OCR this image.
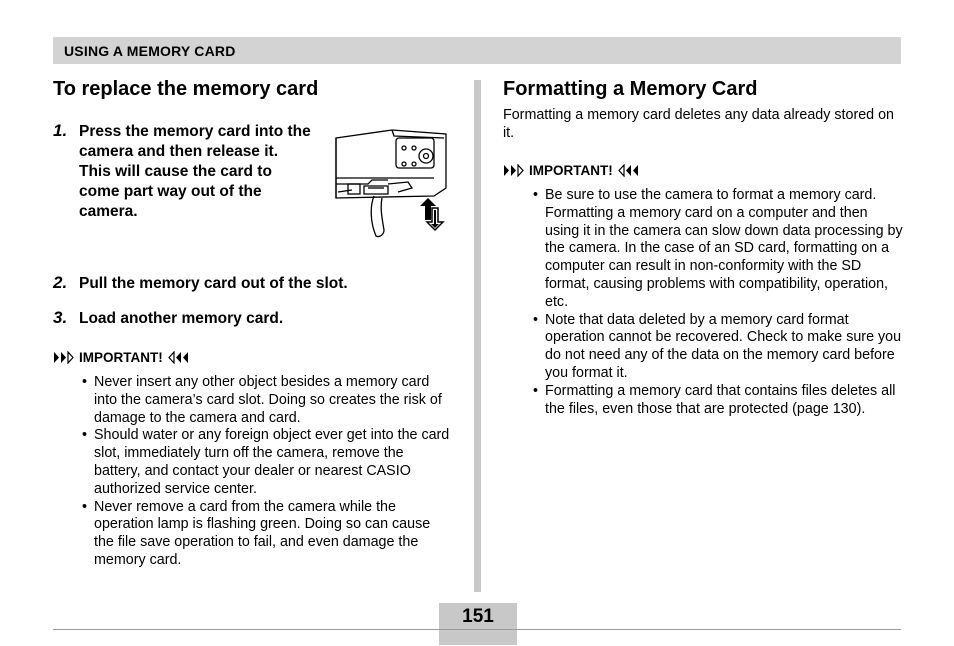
USING A MEMORY CARD
To replace the memory card
1. Press the memory card into the camera and then release it. This will cause the card to come part way out of the camera.
2. Pull the memory card out of the slot.
3. Load another memory card.
IMPORTANT!
• Never insert any other object besides a memory card into the camera’s card slot. Doing so creates the risk of damage to the camera and card.
• Should water or any foreign object ever get into the card slot, immediately turn off the camera, remove the battery, and contact your dealer or nearest CASIO authorized service center.
• Never remove a card from the camera while the operation lamp is flashing green. Doing so can cause the file save operation to fail, and even damage the memory card.
Formatting a Memory Card
Formatting a memory card deletes any data already stored on it.
IMPORTANT!
• Be sure to use the camera to format a memory card. Formatting a memory card on a computer and then using it in the camera can slow down data processing by the camera. In the case of an SD card, formatting on a computer can result in non-conformity with the SD format, causing problems with compatibility, operation, etc.
• Note that data deleted by a memory card format operation cannot be recovered. Check to make sure you do not need any of the data on the memory card before you format it.
• Formatting a memory card that contains files deletes all the files, even those that are protected (page 130).
151
